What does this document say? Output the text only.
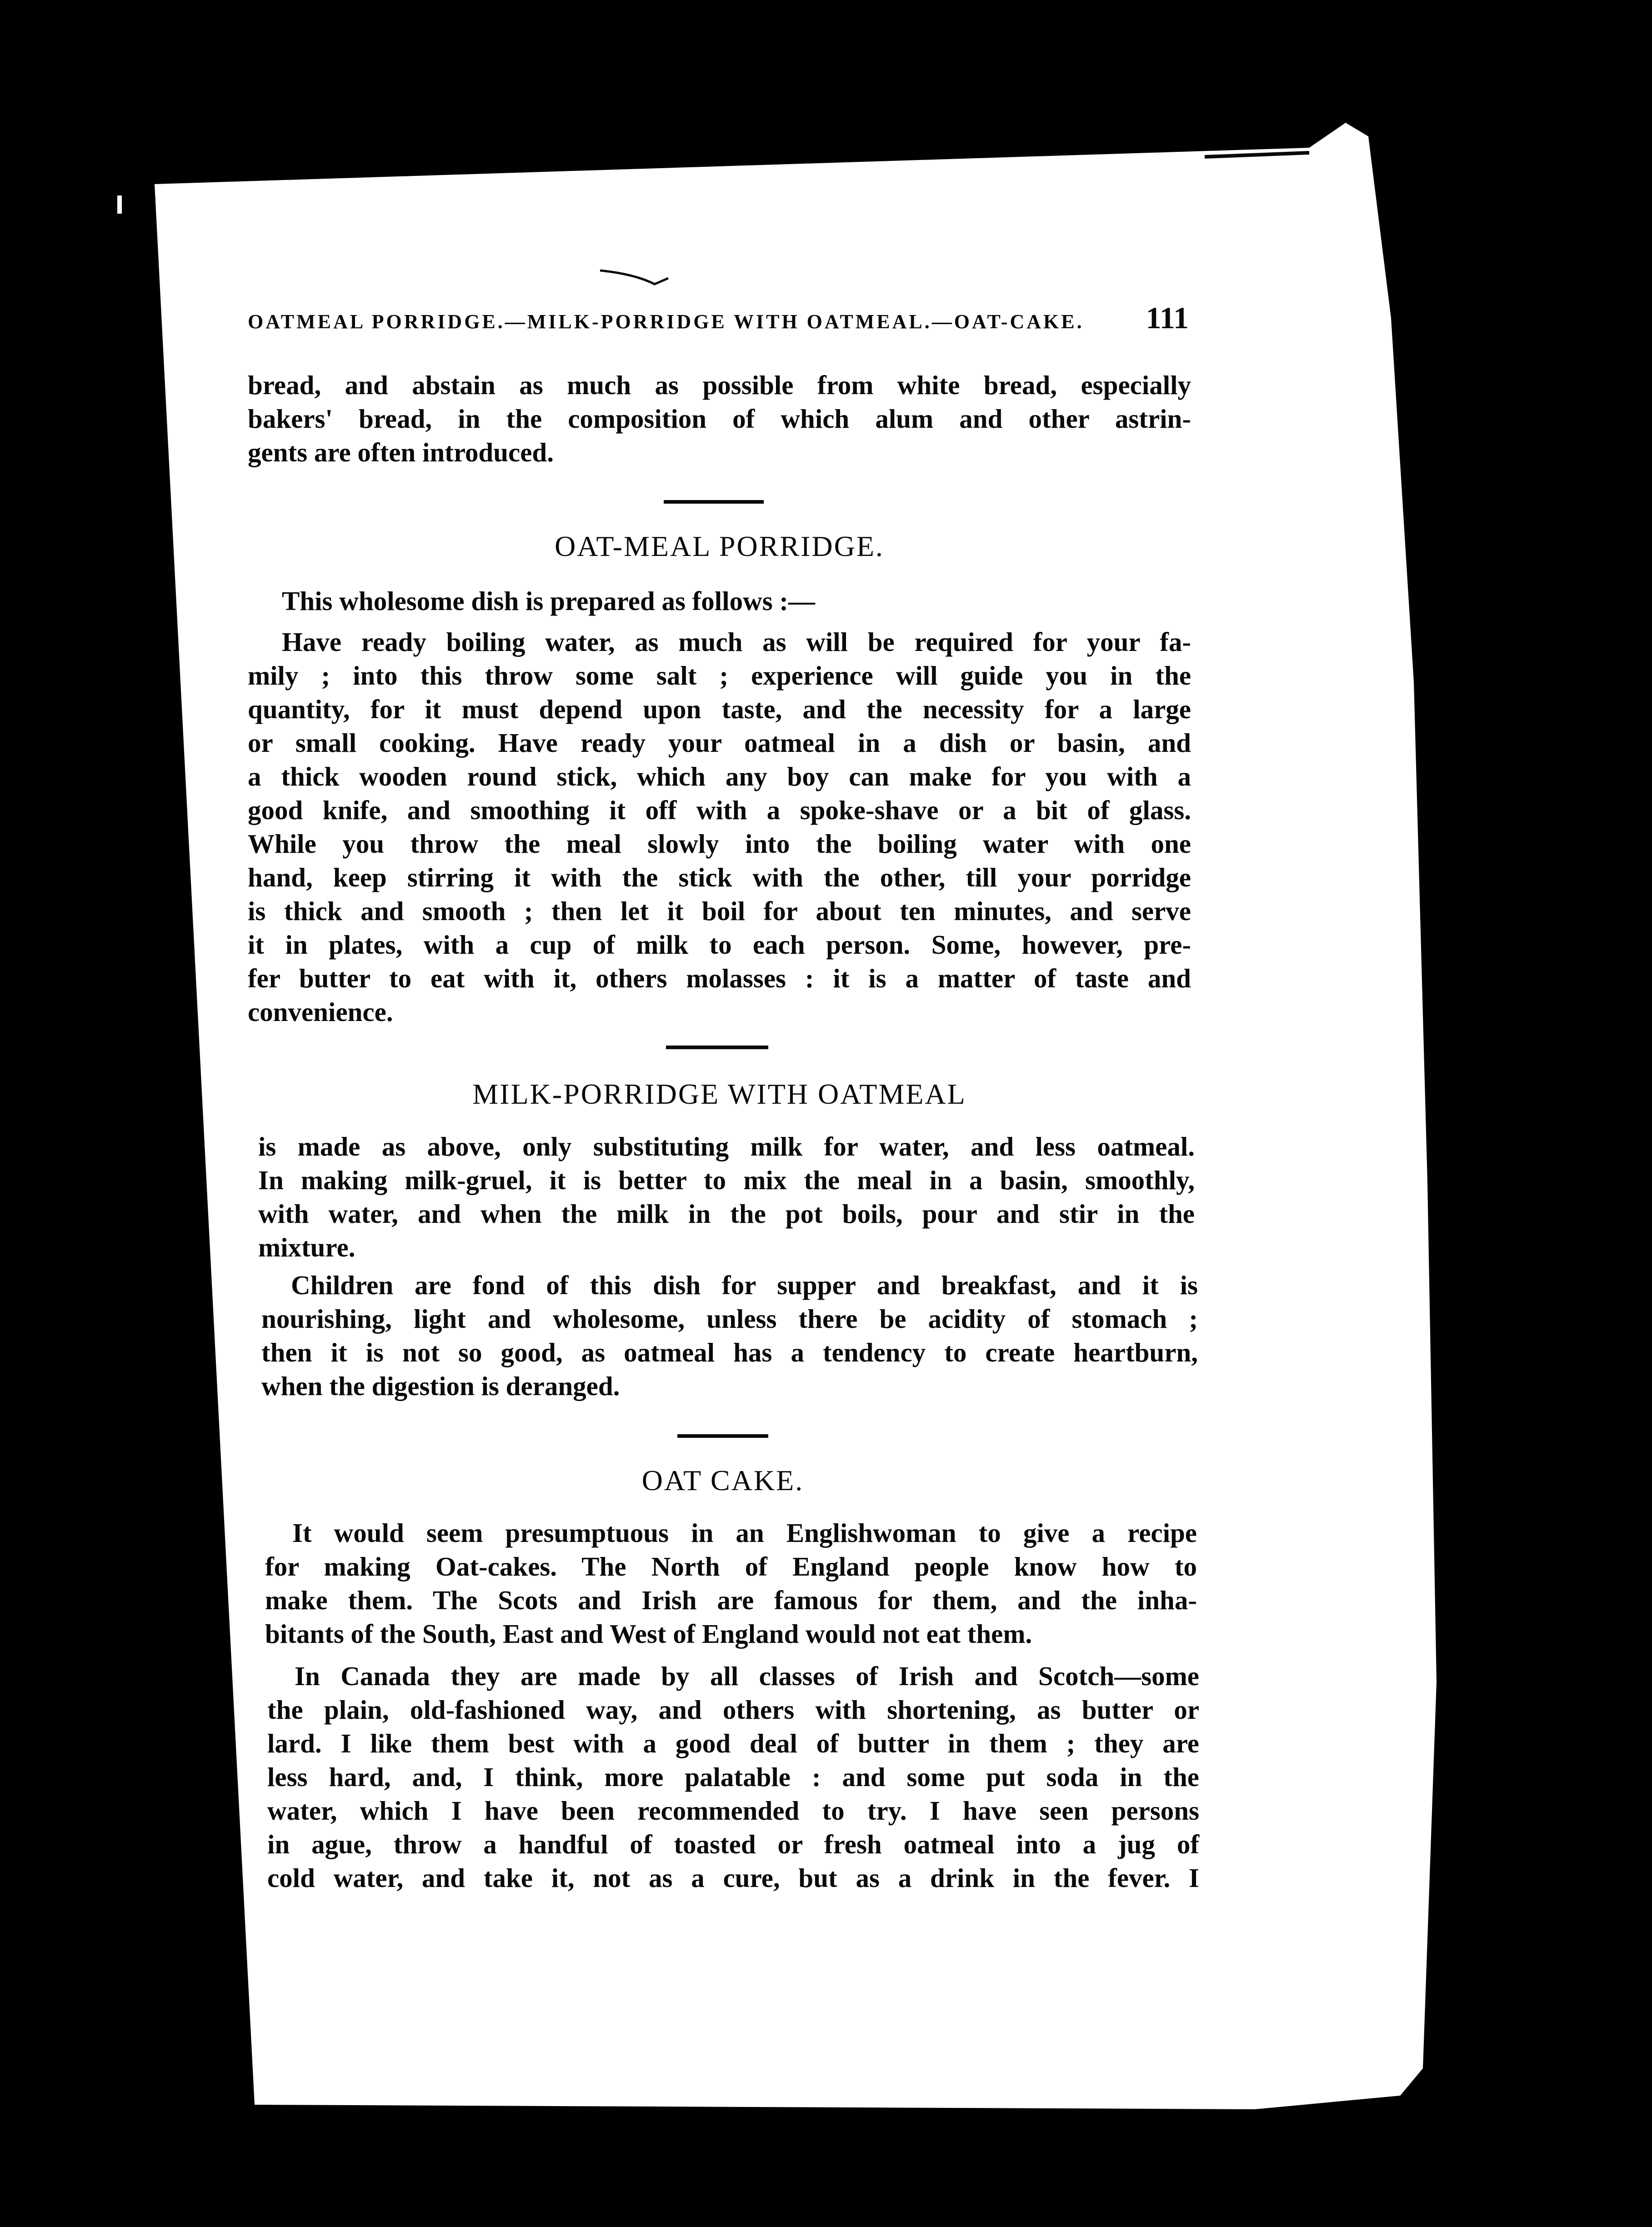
OATMEAL PORRIDGE.—MILK-PORRIDGE WITH OATMEAL.—OAT-CAKE. 111
bread, and abstain as much as possible from white bread, especially
bakers' bread, in the composition of which alum and other astrin-
gents are often introduced.
OAT-MEAL PORRIDGE.
This wholesome dish is prepared as follows :—
Have ready boiling water, as much as will be required for your fa-
mily ; into this throw some salt ; experience will guide you in the
quantity, for it must depend upon taste, and the necessity for a large
or small cooking. Have ready your oatmeal in a dish or basin, and
a thick wooden round stick, which any boy can make for you with a
good knife, and smoothing it off with a spoke-shave or a bit of glass.
While you throw the meal slowly into the boiling water with one
hand, keep stirring it with the stick with the other, till your porridge
is thick and smooth ; then let it boil for about ten minutes, and serve
it in plates, with a cup of milk to each person. Some, however, pre-
fer butter to eat with it, others molasses : it is a matter of taste and
convenience.
MILK-PORRIDGE WITH OATMEAL
is made as above, only substituting milk for water, and less oatmeal.
In making milk-gruel, it is better to mix the meal in a basin, smoothly,
with water, and when the milk in the pot boils, pour and stir in the
mixture.
Children are fond of this dish for supper and breakfast, and it is
nourishing, light and wholesome, unless there be acidity of stomach ;
then it is not so good, as oatmeal has a tendency to create heartburn,
when the digestion is deranged.
OAT CAKE.
It would seem presumptuous in an Englishwoman to give a recipe
for making Oat-cakes. The North of England people know how to
make them. The Scots and Irish are famous for them, and the inha-
bitants of the South, East and West of England would not eat them.
In Canada they are made by all classes of Irish and Scotch—some
the plain, old-fashioned way, and others with shortening, as butter or
lard. I like them best with a good deal of butter in them ; they are
less hard, and, I think, more palatable : and some put soda in the
water, which I have been recommended to try. I have seen persons
in ague, throw a handful of toasted or fresh oatmeal into a jug of
cold water, and take it, not as a cure, but as a drink in the fever. I
